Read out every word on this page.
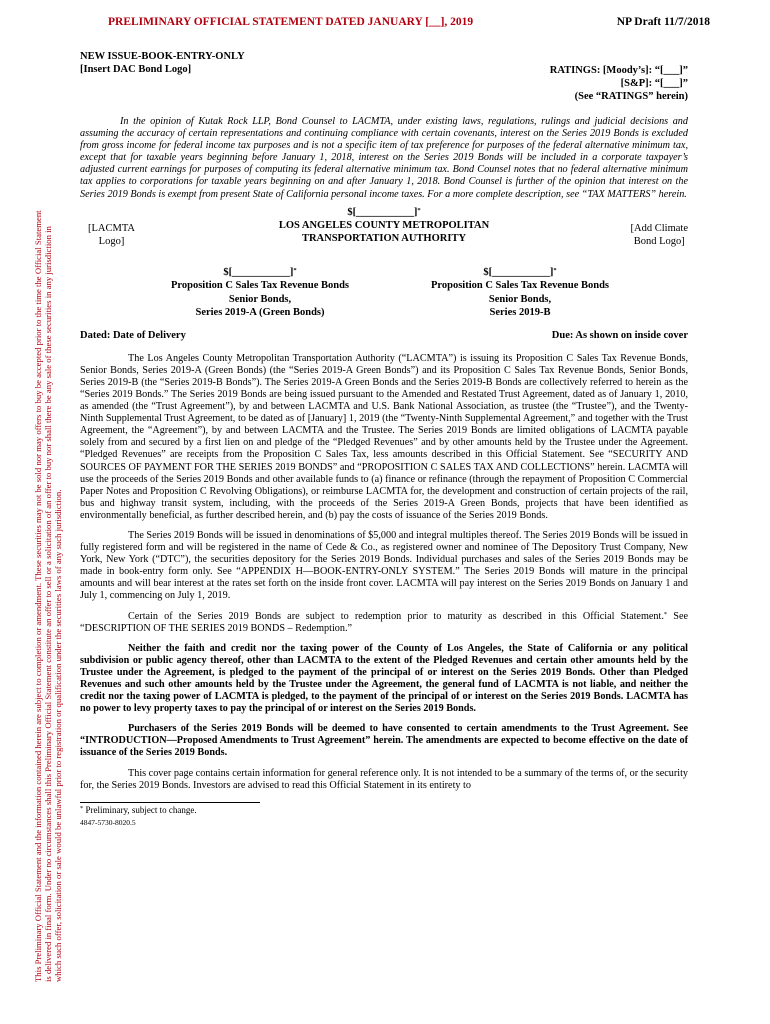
This Preliminary Official Statement and the information contained herein are subject to completion or amendment. These securities may not be sold nor may offers to buy be accepted prior to the time the Official Statement is delivered in final form. Under no circumstances shall this Preliminary Official Statement constitute an offer to sell or a solicitation of an offer to buy nor shall there be any sale of these securities in any jurisdiction in which such offer, solicitation or sale would be unlawful prior to registration or qualification under the securities laws of any such jurisdiction.
PRELIMINARY OFFICIAL STATEMENT DATED JANUARY [__], 2019	NP Draft 11/7/2018
NEW ISSUE-BOOK-ENTRY-ONLY
[Insert DAC Bond Logo]	RATINGS: [Moody’s]: “[___]”
[S&P]: “[___]”
(See “RATINGS” herein)
In the opinion of Kutak Rock LLP, Bond Counsel to LACMTA, under existing laws, regulations, rulings and judicial decisions and assuming the accuracy of certain representations and continuing compliance with certain covenants, interest on the Series 2019 Bonds is excluded from gross income for federal income tax purposes and is not a specific item of tax preference for purposes of the federal alternative minimum tax, except that for taxable years beginning before January 1, 2018, interest on the Series 2019 Bonds will be included in a corporate taxpayer’s adjusted current earnings for purposes of computing its federal alternative minimum tax. Bond Counsel notes that no federal alternative minimum tax applies to corporations for taxable years beginning on and after January 1, 2018. Bond Counsel is further of the opinion that interest on the Series 2019 Bonds is exempt from present State of California personal income taxes. For a more complete description, see “TAX MATTERS” herein.
$[___________]*
LOS ANGELES COUNTY METROPOLITAN
TRANSPORTATION AUTHORITY
[LACMTA
Logo]
[Add Climate
Bond Logo]
$[___________]*
Proposition C Sales Tax Revenue Bonds
Senior Bonds,
Series 2019-A (Green Bonds)
$[___________]*
Proposition C Sales Tax Revenue Bonds
Senior Bonds,
Series 2019-B
Dated: Date of Delivery	Due: As shown on inside cover
The Los Angeles County Metropolitan Transportation Authority (“LACMTA”) is issuing its Proposition C Sales Tax Revenue Bonds, Senior Bonds, Series 2019-A (Green Bonds) (the “Series 2019-A Green Bonds”) and its Proposition C Sales Tax Revenue Bonds, Senior Bonds, Series 2019-B (the “Series 2019-B Bonds”). The Series 2019-A Green Bonds and the Series 2019-B Bonds are collectively referred to herein as the “Series 2019 Bonds.” The Series 2019 Bonds are being issued pursuant to the Amended and Restated Trust Agreement, dated as of January 1, 2010, as amended (the “Trust Agreement”), by and between LACMTA and U.S. Bank National Association, as trustee (the “Trustee”), and the Twenty-Ninth Supplemental Trust Agreement, to be dated as of [January] 1, 2019 (the “Twenty-Ninth Supplemental Agreement,” and together with the Trust Agreement, the “Agreement”), by and between LACMTA and the Trustee. The Series 2019 Bonds are limited obligations of LACMTA payable solely from and secured by a first lien on and pledge of the “Pledged Revenues” and by other amounts held by the Trustee under the Agreement. “Pledged Revenues” are receipts from the Proposition C Sales Tax, less amounts described in this Official Statement. See “SECURITY AND SOURCES OF PAYMENT FOR THE SERIES 2019 BONDS” and “PROPOSITION C SALES TAX AND COLLECTIONS” herein. LACMTA will use the proceeds of the Series 2019 Bonds and other available funds to (a) finance or refinance (through the repayment of Proposition C Commercial Paper Notes and Proposition C Revolving Obligations), or reimburse LACMTA for, the development and construction of certain projects of the rail, bus and highway transit system, including, with the proceeds of the Series 2019-A Green Bonds, projects that have been identified as environmentally beneficial, as further described herein, and (b) pay the costs of issuance of the Series 2019 Bonds.
The Series 2019 Bonds will be issued in denominations of $5,000 and integral multiples thereof. The Series 2019 Bonds will be issued in fully registered form and will be registered in the name of Cede & Co., as registered owner and nominee of The Depository Trust Company, New York, New York (“DTC”), the securities depository for the Series 2019 Bonds. Individual purchases and sales of the Series 2019 Bonds may be made in book-entry form only. See “APPENDIX H—BOOK-ENTRY-ONLY SYSTEM.” The Series 2019 Bonds will mature in the principal amounts and will bear interest at the rates set forth on the inside front cover. LACMTA will pay interest on the Series 2019 Bonds on January 1 and July 1, commencing on July 1, 2019.
Certain of the Series 2019 Bonds are subject to redemption prior to maturity as described in this Official Statement.* See “DESCRIPTION OF THE SERIES 2019 BONDS – Redemption.”
Neither the faith and credit nor the taxing power of the County of Los Angeles, the State of California or any political subdivision or public agency thereof, other than LACMTA to the extent of the Pledged Revenues and certain other amounts held by the Trustee under the Agreement, is pledged to the payment of the principal of or interest on the Series 2019 Bonds. Other than Pledged Revenues and such other amounts held by the Trustee under the Agreement, the general fund of LACMTA is not liable, and neither the credit nor the taxing power of LACMTA is pledged, to the payment of the principal of or interest on the Series 2019 Bonds. LACMTA has no power to levy property taxes to pay the principal of or interest on the Series 2019 Bonds.
Purchasers of the Series 2019 Bonds will be deemed to have consented to certain amendments to the Trust Agreement. See “INTRODUCTION—Proposed Amendments to Trust Agreement” herein. The amendments are expected to become effective on the date of issuance of the Series 2019 Bonds.
This cover page contains certain information for general reference only. It is not intended to be a summary of the terms of, or the security for, the Series 2019 Bonds. Investors are advised to read this Official Statement in its entirety to
* Preliminary, subject to change.
4847-5730-8020.5
